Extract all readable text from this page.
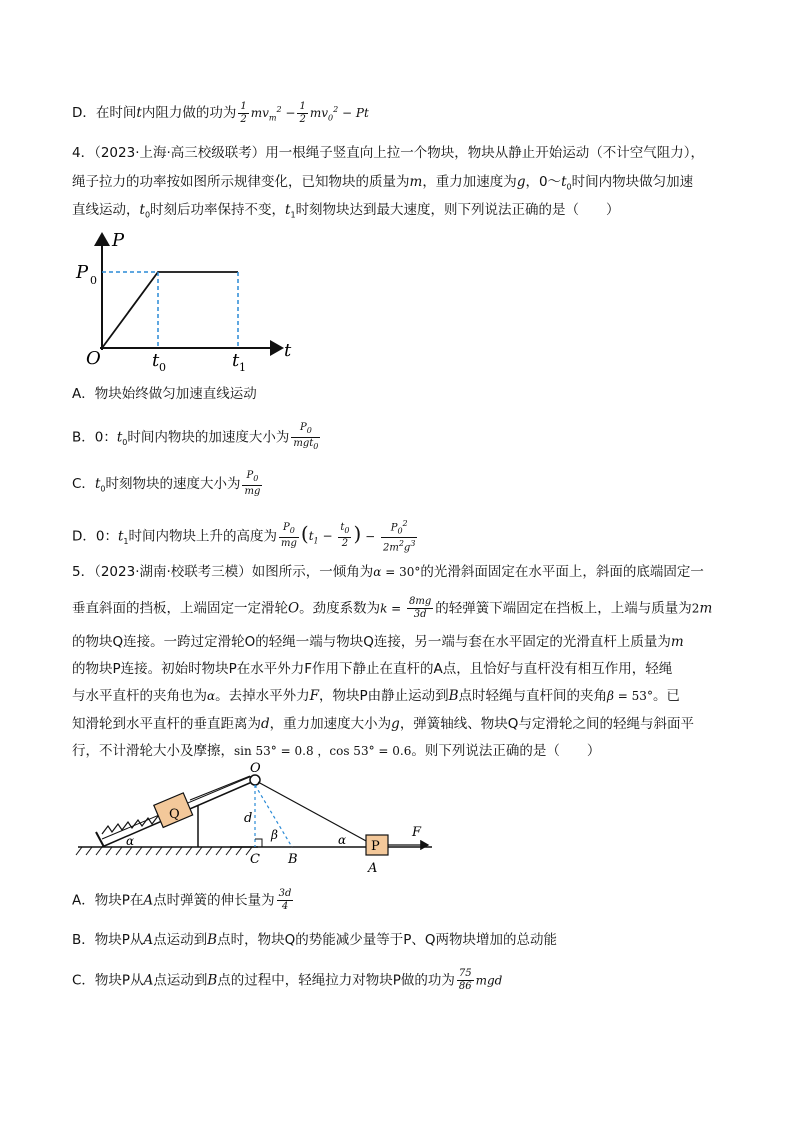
D．在时间t内阻力做的功为 $\frac{1}{2} mv_m^2 - \frac{1}{2} mv_0^2 - Pt$
4．（2023·上海·高三校级联考）用一根绳子竖直向上拉一个物块，物块从静止开始运动（不计空气阻力），
绳子拉力的功率按如图所示规律变化，已知物块的质量为m，重力加速度为g，$0\sim t_0$时间内物块做匀加速
直线运动，$t_0$时刻后功率保持不变，$t_1$时刻物块达到最大速度，则下列说法正确的是（　　）
P
t
O
P 0
t 0	t 1
A．物块始终做匀加速直线运动
B．0：$t_0$时间内物块的加速度大小为 $\frac{P_0}{mgt_0}$
C．$t_0$时刻物块的速度大小为 $\frac{P_0}{mg}$
D．0：$t_1$时间内物块上升的高度为 $\frac{P_0}{mg} (t_1 - \frac{t_0}{2}$ ) − $\frac{P_0^2}{2m^2g^3}$
5．（2023·湖南·校联考三模）如图所示，一倾角为α = 30°的光滑斜面固定在水平面上，斜面的底端固定一
垂直斜面的挡板，上端固定一定滑轮O。劲度系数为$k = \frac{8mg}{3d}$ 的轻弹簧下端固定在挡板上，上端与质量为2m
的物块Q连接。一跨过定滑轮O的轻绳一端与物块Q连接，另一端与套在水平固定的光滑直杆上质量为m
的物块P连接。初始时物块P在水平外力F作用下静止在直杆的A点，且恰好与直杆没有相互作用，轻绳
与水平直杆的夹角也为α。去掉水平外力F，物块P由静止运动到B点时轻绳与直杆间的夹角β = 53°。已
知滑轮到水平直杆的垂直距离为d，重力加速度大小为g，弹簧轴线、物块Q与定滑轮之间的轻绳与斜面平
行，不计滑轮大小及摩擦，sin 53° = 0.8 ，cos 53° = 0.6。则下列说法正确的是（　　）
Q
O
d
β
C B
α
α	P
A
F
A．物块P在A点时弹簧的伸长量为 $\frac{3d}{4}$
B．物块P从A点运动到B点时，物块Q的势能减少量等于P、Q两物块增加的总动能
C．物块P从A点运动到B点的过程中，轻绳拉力对物块P做的功为 $\frac{75}{86}$ mgd
